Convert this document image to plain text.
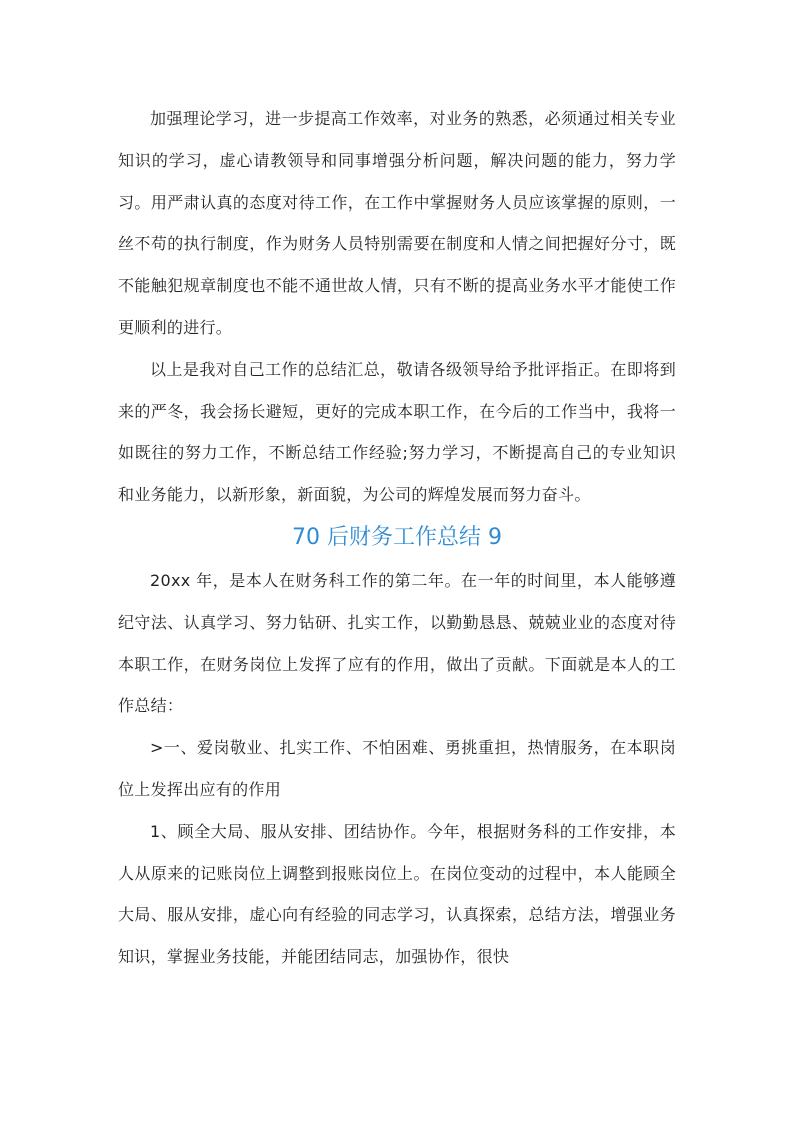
加强理论学习，进一步提高工作效率，对业务的熟悉，必须通过相关专业知识的学习，虚心请教领导和同事增强分析问题，解决问题的能力，努力学习。用严肃认真的态度对待工作，在工作中掌握财务人员应该掌握的原则，一丝不苟的执行制度，作为财务人员特别需要在制度和人情之间把握好分寸，既不能触犯规章制度也不能不通世故人情，只有不断的提高业务水平才能使工作更顺利的进行。

以上是我对自己工作的总结汇总，敬请各级领导给予批评指正。在即将到来的严冬，我会扬长避短，更好的完成本职工作，在今后的工作当中，我将一如既往的努力工作，不断总结工作经验;努力学习，不断提高自己的专业知识和业务能力，以新形象，新面貌，为公司的辉煌发展而努力奋斗。

70 后财务工作总结 9

20xx 年，是本人在财务科工作的第二年。在一年的时间里，本人能够遵纪守法、认真学习、努力钻研、扎实工作，以勤勤恳恳、兢兢业业的态度对待本职工作，在财务岗位上发挥了应有的作用，做出了贡献。下面就是本人的工作总结：

>一、爱岗敬业、扎实工作、不怕困难、勇挑重担，热情服务，在本职岗位上发挥出应有的作用

1、顾全大局、服从安排、团结协作。今年，根据财务科的工作安排，本人从原来的记账岗位上调整到报账岗位上。在岗位变动的过程中，本人能顾全大局、服从安排，虚心向有经验的同志学习，认真探索，总结方法，增强业务知识，掌握业务技能，并能团结同志，加强协作，很快
